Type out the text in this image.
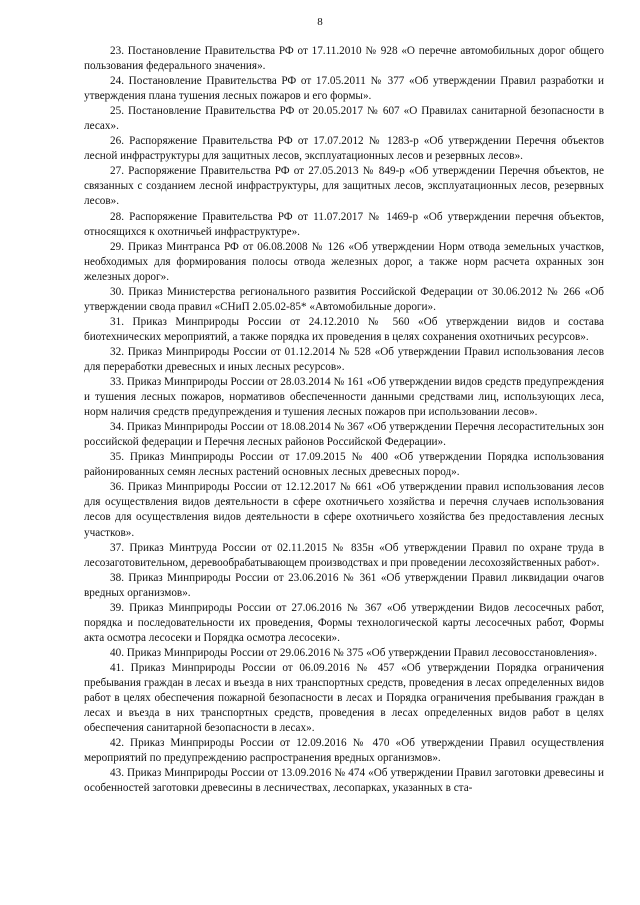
8

23. Постановление Правительства РФ от 17.11.2010 № 928 «О перечне автомобильных дорог общего пользования федерального значения».

24. Постановление Правительства РФ от 17.05.2011 № 377 «Об утверждении Правил разработки и утверждения плана тушения лесных пожаров и его формы».

25. Постановление Правительства РФ от 20.05.2017 № 607 «О Правилах санитарной безопасности в лесах».

26. Распоряжение Правительства РФ от 17.07.2012 № 1283-р «Об утверждении Перечня объектов лесной инфраструктуры для защитных лесов, эксплуатационных лесов и резервных лесов».

27. Распоряжение Правительства РФ от 27.05.2013 № 849-р «Об утверждении Перечня объектов, не связанных с созданием лесной инфраструктуры, для защитных лесов, эксплуатационных лесов, резервных лесов».

28. Распоряжение Правительства РФ от 11.07.2017 № 1469-р «Об утверждении перечня объектов, относящихся к охотничьей инфраструктуре».

29. Приказ Минтранса РФ от 06.08.2008 № 126 «Об утверждении Норм отвода земельных участков, необходимых для формирования полосы отвода железных дорог, а также норм расчета охранных зон железных дорог».

30. Приказ Министерства регионального развития Российской Федерации от 30.06.2012 № 266 «Об утверждении свода правил «СНиП 2.05.02-85* «Автомобильные дороги».

31. Приказ Минприроды России от 24.12.2010 № 560 «Об утверждении видов и состава биотехнических мероприятий, а также порядка их проведения в целях сохранения охотничьих ресурсов».

32. Приказ Минприроды России от 01.12.2014 № 528 «Об утверждении Правил использования лесов для переработки древесных и иных лесных ресурсов».

33. Приказ Минприроды России от 28.03.2014 № 161 «Об утверждении видов средств предупреждения и тушения лесных пожаров, нормативов обеспеченности данными средствами лиц, использующих леса, норм наличия средств предупреждения и тушения лесных пожаров при использовании лесов».

34. Приказ Минприроды России от 18.08.2014 № 367 «Об утверждении Перечня лесорастительных зон российской федерации и Перечня лесных районов Российской Федерации».

35. Приказ Минприроды России от 17.09.2015 № 400 «Об утверждении Порядка использования районированных семян лесных растений основных лесных древесных пород».

36. Приказ Минприроды России от 12.12.2017 № 661 «Об утверждении правил использования лесов для осуществления видов деятельности в сфере охотничьего хозяйства и перечня случаев использования лесов для осуществления видов деятельности в сфере охотничьего хозяйства без предоставления лесных участков».

37. Приказ Минтруда России от 02.11.2015 № 835н «Об утверждении Правил по охране труда в лесозаготовительном, деревообрабатывающем производствах и при проведении лесохозяйственных работ».

38. Приказ Минприроды России от 23.06.2016 № 361 «Об утверждении Правил ликвидации очагов вредных организмов».

39. Приказ Минприроды России от 27.06.2016 № 367 «Об утверждении Видов лесосечных работ, порядка и последовательности их проведения, Формы технологической карты лесосечных работ, Формы акта осмотра лесосеки и Порядка осмотра лесосеки».

40. Приказ Минприроды России от 29.06.2016 № 375 «Об утверждении Правил лесовосстановления».

41. Приказ Минприроды России от 06.09.2016 № 457 «Об утверждении Порядка ограничения пребывания граждан в лесах и въезда в них транспортных средств, проведения в лесах определенных видов работ в целях обеспечения пожарной безопасности в лесах и Порядка ограничения пребывания граждан в лесах и въезда в них транспортных средств, проведения в лесах определенных видов работ в целях обеспечения санитарной безопасности в лесах».

42. Приказ Минприроды России от 12.09.2016 № 470 «Об утверждении Правил осуществления мероприятий по предупреждению распространения вредных организмов».

43. Приказ Минприроды России от 13.09.2016 № 474 «Об утверждении Правил заготовки древесины и особенностей заготовки древесины в лесничествах, лесопарках, указанных в ста-
